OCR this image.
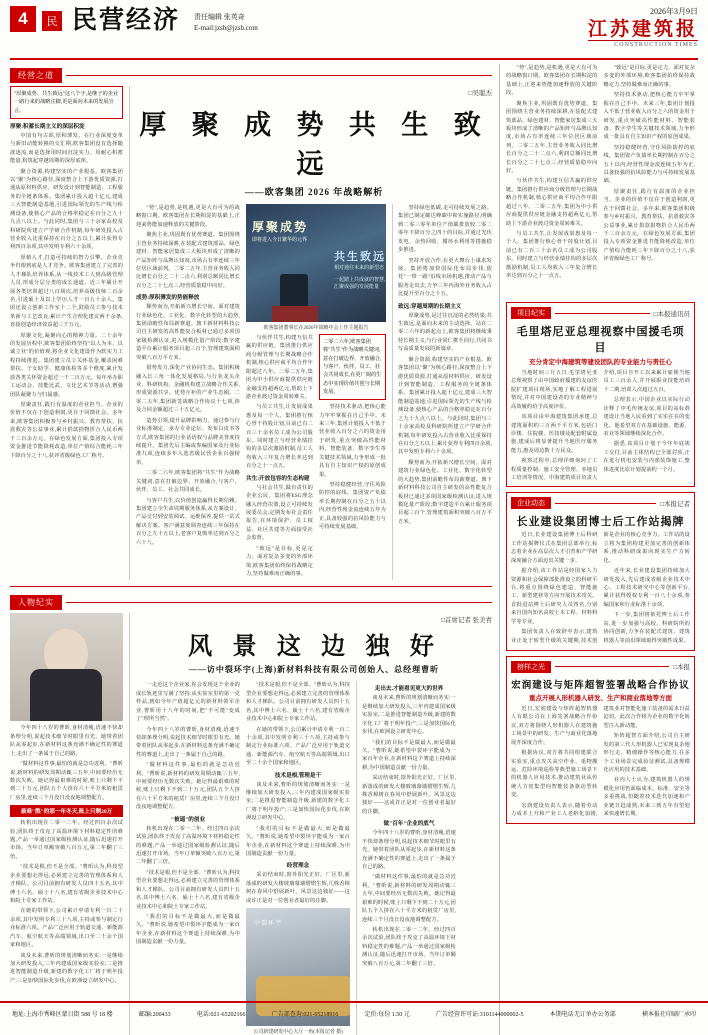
4	民 民营经济 责任编辑 张英奇
E-mail:jzsb@jzsb.com
2026年3月9日
江苏建筑报
CONSTRUCTION TIMES
经营之道
"厚聚成势、共生致远"这八个字,是继子的企业一路行来的战略注脚,更是面向未来的发展宣言。
厚聚:积蓄长期主义的深层积淀

中国有句古训,厚积薄发。在行业深度变革与新旧动能转换的交汇期,欧客集团没有选择随波逐流,而是选择用时间沉淀实力、用耐心积蓄能量,构筑起穿越周期的深厚底座。

聚合资源,构建坚实的产业根基。欧客集团以"聚"为核心路径,深度整合上下游优质资源,打通从原材料供应、研发设计到智能制造、工程服务的全链条体系。集团累计投入超十亿元,建成三大智能制造基地,引进国际领先的生产线与检测设备,使核心产品的合格率稳定在百分之九十九点八以上。与此同时,集团与三十余家高校及科研院所建立产学研合作机制,每年研发投入占营业收入比重保持在百分之五以上,累计获得专利四百余项,其中发明专利六十余项。

厚植人才,打造可持续的智力引擎。企业竞争归根到底是人才竞争。欧客集团建立了完善的人才梯队培养体系,从一线技术工人到高级管理人员,形成分层分类的成长通道。近三年累计开展各类培训超过八百场次,培养高级技师二百余名,引进硕士及以上学历人才一百五十余人。集团还设立创新工作室十二个,鼓励员工参与技术革新与工艺改良,累计产生合理化建议两千余条,直接创造经济效益超三千万元。

厚聚文化,凝聚向心的精神力量。二十余年的发展历程中,欧客集团始终坚持"以人为本、以诚立业"的价值观,将企业文化建设作为软实力工程持续推进。集团建立员工关怀基金,覆盖困难帮扶、子女助学、健康体检等多个维度,累计发放各类关怀资金超过一千二百万元。每年举办职工运动会、技能比武、文化艺术节等活动,增强团队凝聚力与归属感。

厚聚责任,践行有温度的企业担当。企业的价值不仅在于创造利润,更在于回馈社会。多年来,欧客集团积极参与乡村振兴、教育帮扶、抗震救灾等公益事业,累计捐款捐物折合人民币两千三百余万元。在绿色发展方面,集团投入专项资金推进节能降耗改造,单位产值综合能耗三年下降百分之十八,获评省级绿色工厂称号。

□吴聪杰
厚 聚 成 势 共 生 致 远
——欧客集团 2026 年战略解析

"势",是趋势,是机遇,更是大有可为的战略窗口期。欧客集团在长期积淀的基础上,正迎来势能加速释放的关键阶段。

聚焦主业,巩固既有优势赛道。集团围绕主营业务持续深耕,在装配式建筑部品、绿色建材、智能家居集成三大板块形成了清晰的产品矩阵与品牌认知度,市场占有率连续三年位居区域前列。二零二五年,主营业务收入同比增长百分之二十二点六,利润总额同比增长百分之二十七点三,经营质量稳中向好。

成势:厚积薄发的势能释放

顺势而为,开拓新兴增长空间。面对建筑行业绿色化、工业化、数字化转型的大趋势,集团前瞻性布局新赛道。旗下新材料科技公司自主研发的高性能复合板材已通过多项国家级检测认证,进入规模化量产阶段;数字建造平台累计服务项目超三百个,管理建筑面积突破八百万平方米。

借势发力,深化产业协同生态。集团积极融入长三角一体化发展格局,与行业龙头企业、科研机构、金融机构建立战略合作关系,形成资源共享、优势互补的产业生态圈。二零二五年,集团新签战略合作协议十七项,涉及合同金额超过三十五亿元。

造势引领,提升品牌影响力。通过参与行业标准制定、承办专业论坛、发布白皮书等方式,欧客集团的行业话语权与品牌美誉度持续提升。集团先后主编或参编国家及行业标准九项,连续多年入选省级民营企业百强榜单。

二零二六年,欧客集团将"共生"作为战略关键词,意在打破边界、开放融合,与客户、伙伴、员工、社会共同成长。

与客户共生,以价值创造赢得长期信赖。集团建立全生命周期服务体系,从方案设计、产品交付到安装调试、运维保养,提供一站式解决方案。客户满意度调查连续三年保持在百分之九十五以上,老客户复购率达到百分之六十八。

厚聚成势
即将进入今日繁华的元界
共生致远
相对通往未来的新型态
一起踏上共成就的智慧,汇聚成强的发展能量
欧客集团董事长在2026年战略年会上作主题报告

与伙伴共生,构建互信共赢的供应链。集团推行供应商分级管理与长期战略合作机制,核心供应商平均合作年限超过八年。二零二五年,集团为中小供应商提供供应链金融支持超两亿元,帮助上下游企业渡过资金周转难关。

与员工共生,让发展成果惠及每一个人。集团推行核心骨干持股计划,目前已有二百三十余名员工成为公司股东。同时建立与经营业绩挂钩的多层次激励机制,员工人均收入三年复合增长率达到百分之十一点五。

共生:开放包容的生态构建

与社会共生,做有责任的企业公民。集团将ESG理念融入经营决策,设立可持续发展委员会,定期发布社会责任报告,在环境保护、员工权益、社区共建等方面接受社会监督。

"致远"是目标,更是定力。面对复杂多变的外部环境,欧客集团始终保持战略定力,坚持做难而正确的事。

二零二六年,欧客集团将"共生"作为战略关键词,意在打破边界、开放融合,与客户、伙伴、员工、社会共同成长,在更广阔的生态中实现价值共创与长期发展。

坚持技术驱动,把核心能力牢牢掌握在自己手中。未来三年,集团计划投入不低于营业收入百分之六的资金用于研发,重点突破高性能材料、智能装备、数字孪生等关键技术领域,力争形成一批具有自主知识产权的原创成果。

坚持稳健经营,守住风险防控的底线。集团资产负债率长期控制在百分之五十以内,经营性现金流连续五年为正,具备较强的抗风险能力与可持续发展基础。

坚持绿色低碳,走可持续发展之路。集团已制定碳达峰碳中和实施路径,明确到二零三零年单位产值碳排放较二零二零年下降百分之四十的目标,并通过光伏发电、余热回收、循环水利用等措施稳步推进。

坚持开放合作,在更大舞台上谋求发展。集团将加快国际化布局步伐,依托"一带一路"沿线市场机遇,推动产品与服务走出去,力争三年内海外业务收入占比提升至百分之十五。

致远:穿越周期的长期主义

厚聚成势,是过往沉淀的必然结果;共生致远,是面向未来的主动选择。站在二零二六年的新起点上,欧客集团将继续秉持长期主义,与行业同仁携手同行,共同书写高质量发展的新篇章。

聚合资源,构建坚实的产业根基。欧客集团以"聚"为核心路径,深度整合上下游优质资源,打通从原材料供应、研发设计到智能制造、工程服务的全链条体系。集团累计投入超十亿元,建成三大智能制造基地,引进国际领先的生产线与检测设备,使核心产品的合格率稳定在百分之九十九点八以上。与此同时,集团与三十余家高校及科研院所建立产学研合作机制,每年研发投入占营业收入比重保持在百分之五以上,累计获得专利四百余项,其中发明专利六十余项。

顺势而为,开拓新兴增长空间。面对建筑行业绿色化、工业化、数字化转型的大趋势,集团前瞻性布局新赛道。旗下新材料科技公司自主研发的高性能复合板材已通过多项国家级检测认证,进入规模化量产阶段;数字建造平台累计服务项目超三百个,管理建筑面积突破八百万平方米。

人物纪实

今年四十八岁的曹昕,身材清瘦,语速不快却条理分明,说起技术细节时眼里有光。她带着团队从零起步,在新材料这条充满不确定性的赛道上,走出了一条属于自己的路。

"做材料这件事,最怕的就是急功近利。"曹昕说,新材料的研发周期动辄三五年,中间要经历无数次失败。她记得最艰难的时候,账上只剩下不到二十万元,团队五个人挤在六十平方米的租赁厂房里,连续三个月没日没夜地调整配方。

最难"熬"的那一年冬天,账上只剩20万

转机出现在二零一二年。经过四百余次试验,团队终于攻克了高温环境下材料稳定性的难题,产品一举通过国家级检测认证,随后迅速打开市场。当年订单额突破八百万元,第二年翻了三倍。

"技术是根,但不是全部。"曹昕认为,科技型企业要想走得远,必须建立完善的管理体系和人才梯队。公司目前拥有研发人员四十五名,其中博士六名、硕士十八名,建有省级企业技术中心和院士专家工作站。

在她的带领下,公司累计申请专利一百二十余项,其中发明专利三十八项,主持或参与制定行业标准六项。产品广泛应用于轨道交通、新能源汽车、航空航天等高端领域,出口至二十余个国家和地区。

谈及未来,曹昕的规划清晰而务实:一是继续加大研发投入,三年内建成国家级实验室;二是推进智能制造升级,新建的数字化工厂将于明年投产;三是加快国际化步伐,在欧洲设立研发中心。

□首席记者 张美青
风 景 这 边 独 好
——访中裂环宇(上海)新材料科技有限公司创始人、总经理曹昕

一走近这个企业家,你会发现这个企业的成长轨迹里写满了坚持:从实验室里的第一克样品,到如今年产值超亿元的新材料领军企业,曹昕用十八年的时间,把"不可能"变成了"理所当然"。

今年四十八岁的曹昕,身材清瘦,语速不快却条理分明,说起技术细节时眼里有光。她带着团队从零起步,在新材料这条充满不确定性的赛道上,走出了一条属于自己的路。

"做材料这件事,最怕的就是急功近利。"曹昕说,新材料的研发周期动辄三五年,中间要经历无数次失败。她记得最艰难的时候,账上只剩下不到二十万元,团队五个人挤在六十平方米的租赁厂房里,连续三个月没日没夜地调整配方。

"被逼"的创业

转机出现在二零一二年。经过四百余次试验,团队终于攻克了高温环境下材料稳定性的难题,产品一举通过国家级检测认证,随后迅速打开市场。当年订单额突破八百万元,第二年翻了三倍。

"技术是根,但不是全部。"曹昕认为,科技型企业要想走得远,必须建立完善的管理体系和人才梯队。公司目前拥有研发人员四十五名,其中博士六名、硕士十八名,建有省级企业技术中心和院士专家工作站。

"我们的目标不是做最大,而是做最久。"曹昕说,她希望中裂环宇能成为一家百年企业,在新材料这个赛道上持续深耕,为中国制造贡献一份力量。

"技术是根,但不是全部。"曹昕认为,科技型企业要想走得远,必须建立完善的管理体系和人才梯队。公司目前拥有研发人员四十五名,其中博士六名、硕士十八名,建有省级企业技术中心和院士专家工作站。

在她的带领下,公司累计申请专利一百二十余项,其中发明专利三十八项,主持或参与制定行业标准六项。产品广泛应用于轨道交通、新能源汽车、航空航天等高端领域,出口至二十余个国家和地区。

技术是根,管理是干

谈及未来,曹昕的规划清晰而务实:一是继续加大研发投入,三年内建成国家级实验室;二是推进智能制造升级,新建的数字化工厂将于明年投产;三是加快国际化步伐,在欧洲设立研发中心。

"我们的目标不是做最大,而是做最久。"曹昕说,她希望中裂环宇能成为一家百年企业,在新材料这个赛道上持续深耕,为中国制造贡献一份力量。

经营理念

采访结束时,窗外阳光正好。厂区里,新落成的研发大楼玻璃幕墙熠熠生辉,几株香樟树在春风中舒展新叶。风景这边独好——这或许正是对一位创业者最好的注脚。

中裂环宇
公司新建研发中心大厅一角(本报记者 摄)
走出去,才能看见更大的世界

谈及未来,曹昕的规划清晰而务实:一是继续加大研发投入,三年内建成国家级实验室;二是推进智能制造升级,新建的数字化工厂将于明年投产;三是加快国际化步伐,在欧洲设立研发中心。

"我们的目标不是做最大,而是做最久。"曹昕说,她希望中裂环宇能成为一家百年企业,在新材料这个赛道上持续深耕,为中国制造贡献一份力量。

采访结束时,窗外阳光正好。厂区里,新落成的研发大楼玻璃幕墙熠熠生辉,几株香樟树在春风中舒展新叶。风景这边独好——这或许正是对一位创业者最好的注脚。

做"百年"企业的底气

今年四十八岁的曹昕,身材清瘦,语速不快却条理分明,说起技术细节时眼里有光。她带着团队从零起步,在新材料这条充满不确定性的赛道上,走出了一条属于自己的路。

"做材料这件事,最怕的就是急功近利。"曹昕说,新材料的研发周期动辄三五年,中间要经历无数次失败。她记得最艰难的时候,账上只剩下不到二十万元,团队五个人挤在六十平方米的租赁厂房里,连续三个月没日没夜地调整配方。

转机出现在二零一二年。经过四百余次试验,团队终于攻克了高温环境下材料稳定性的难题,产品一举通过国家级检测认证,随后迅速打开市场。当年订单额突破八百万元,第二年翻了三倍。

"势",是趋势,是机遇,更是大有可为的战略窗口期。欧客集团在长期积淀的基础上,正迎来势能加速释放的关键阶段。

聚焦主业,巩固既有优势赛道。集团围绕主营业务持续深耕,在装配式建筑部品、绿色建材、智能家居集成三大板块形成了清晰的产品矩阵与品牌认知度,市场占有率连续三年位居区域前列。二零二五年,主营业务收入同比增长百分之二十二点六,利润总额同比增长百分之二十七点三,经营质量稳中向好。

与伙伴共生,构建互信共赢的供应链。集团推行供应商分级管理与长期战略合作机制,核心供应商平均合作年限超过八年。二零二五年,集团为中小供应商提供供应链金融支持超两亿元,帮助上下游企业渡过资金周转难关。

与员工共生,让发展成果惠及每一个人。集团推行核心骨干持股计划,目前已有二百三十余名员工成为公司股东。同时建立与经营业绩挂钩的多层次激励机制,员工人均收入三年复合增长率达到百分之十一点五。

"致远"是目标,更是定力。面对复杂多变的外部环境,欧客集团始终保持战略定力,坚持做难而正确的事。

坚持技术驱动,把核心能力牢牢掌握在自己手中。未来三年,集团计划投入不低于营业收入百分之六的资金用于研发,重点突破高性能材料、智能装备、数字孪生等关键技术领域,力争形成一批具有自主知识产权的原创成果。

坚持稳健经营,守住风险防控的底线。集团资产负债率长期控制在百分之五十以内,经营性现金流连续五年为正,具备较强的抗风险能力与可持续发展基础。

厚聚责任,践行有温度的企业担当。企业的价值不仅在于创造利润,更在于回馈社会。多年来,欧客集团积极参与乡村振兴、教育帮扶、抗震救灾等公益事业,累计捐款捐物折合人民币两千三百余万元。在绿色发展方面,集团投入专项资金推进节能降耗改造,单位产值综合能耗三年下降百分之十八,获评省级绿色工厂称号。

项目纪实	□本报通讯员
毛里塔尼亚总理视察中国援毛项目
充分肯定中海建筑等建设团队的专业能力与责任心

当地时间三月五日,毛里塔尼亚总理视察了由中国政府援建的友谊医院扩建项目现场,实地了解工程进展情况,并对中国建设者的专业精神与高效履约给予高度评价。

该项目由中海建筑集团承建,总建筑面积约三万两千平方米,包括门诊楼、住院楼、医技楼及配套附属设施,建成后将显著提升当地医疗服务能力,惠及周边数十万民众。

视察过程中,总理详细询问了工程质量控制、施工安全管理、本地员工培训等情况。中海建筑项目负责人介绍,项目自开工以来累计雇佣当地员工三百余人,并开展职业技能培训十二期,培训人次超过五百。

总理表示,中国企业以实际行动诠释了中毛传统友谊,项目的高标准建设让当地人民看到了实实在在的变化。他希望双方在基础设施、能源、农业等领域继续深化合作。

据悉,该项目计划于今年年底竣工交付,目前主体结构已全部封顶,正在进行机电安装与内部装饰施工,整体进度比原计划提前约一个月。

企业动态	□本报记者
长业建设集团博士后工作站揭牌

近日,长业建设集团博士后科研工作站揭牌仪式在集团总部举行,标志着企业在高层次人才引育和产学研深度融合方面迈出关键一步。

据介绍,该工作站是经国家人力资源和社会保障部批准设立的科研平台,将重点围绕绿色建造、智能施工、新型建材等方向开展技术攻关。首批进站博士后研究人员四名,分别来自国内知名高校土木工程、材料科学等专业。

集团负责人在致辞中表示,建筑业正处于转型升级的关键期,技术创新是企业的核心竞争力。工作站的设立将为集团构建更加完善的创新体系,推动科研成果向现实生产力转化。

近年来,长业建设集团持续加大研发投入,先后建成省级企业技术中心、工程技术研究中心等创新平台,累计获得授权专利一百八十余项,参编国家和行业标准十余项。

下一步,集团将依托博士后工作站,进一步加强与高校、科研院所的协同创新,力争在装配式建筑、建筑机器人等前沿领域取得突破性成果。

榜样之光	□本报
宏润建设与矩阵超智签署战略合作协议
重点开展人形机器人研发、生产和商业落地等方面

近日,宏润建设与矩阵超智机器人有限公司在上海签署战略合作协议,双方将围绕人形机器人在建筑施工场景中的研发、生产与商业化落地展开深度合作。

根据协议,双方将共同组建联合实验室,重点攻关高空作业、重物搬运、危险环境巡检等典型施工场景下的机器人应用技术,推动建筑业从传统人力密集型向智能装备驱动型转变。

宏润建设负责人表示,随着劳动力成本上升和产业工人老龄化加剧,建筑业对智能化施工装备的需求日益迫切。此次合作将为企业的数字化转型注入新动能。

矩阵超智方面介绍,公司自主研发的第三代人形机器人已实现复杂地形行走、精细操作等核心能力,在多个工业场景完成验证测试,具备规模化应用的技术基础。

业内人士认为,建筑机器人的规模化应用仍面临成本、标准、安全等多重挑战,但随着技术迭代加速和产业链日趋成熟,未来三到五年有望迎来快速增长期。

地址:上海市秀峰区蒙日街 588 号 18 楼	邮编:200433	电话:021-65202166	广告部查询:021-65218916	定价:每份 1.50 元	广告经营许可证:3101144000002-5	本期电话无订单办公务部	横本报社印刷厂承印
